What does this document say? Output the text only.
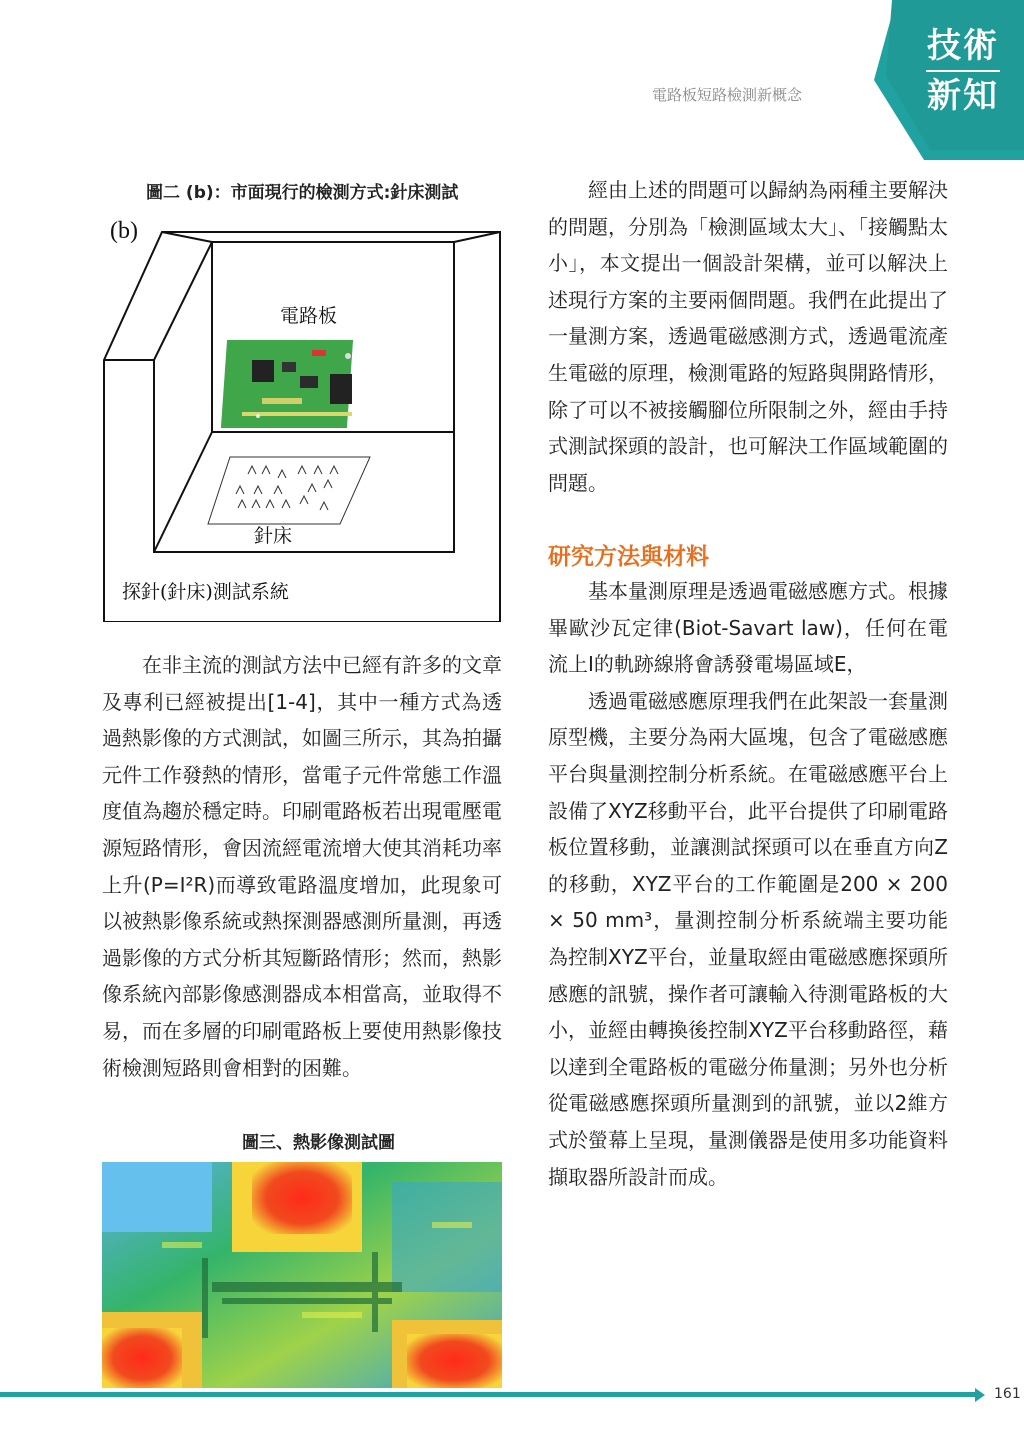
電路板短路檢測新概念
技術
新知
圖二 (b)：市面現行的檢測方式:針床測試
(b)
電路板
針床
探針(針床)測試系統

在非主流的測試方法中已經有許多的文章及專利已經被提出[1-4]，其中一種方式為透過熱影像的方式測試，如圖三所示，其為拍攝元件工作發熱的情形，當電子元件常態工作溫度值為趨於穩定時。印刷電路板若出現電壓電源短路情形，會因流經電流增大使其消耗功率上升(P=I²R)而導致電路溫度增加，此現象可以被熱影像系統或熱探測器感測所量測，再透過影像的方式分析其短斷路情形；然而，熱影像系統內部影像感測器成本相當高，並取得不易，而在多層的印刷電路板上要使用熱影像技術檢測短路則會相對的困難。

圖三、熱影像測試圖

經由上述的問題可以歸納為兩種主要解決的問題，分別為「檢測區域太大」、「接觸點太小」，本文提出一個設計架構，並可以解決上述現行方案的主要兩個問題。我們在此提出了一量測方案，透過電磁感測方式，透過電流產生電磁的原理，檢測電路的短路與開路情形，除了可以不被接觸腳位所限制之外，經由手持式測試探頭的設計，也可解決工作區域範圍的問題。

研究方法與材料

基本量測原理是透過電磁感應方式。根據畢歐沙瓦定律(Biot-Savart law)，任何在電流上I的軌跡線將會誘發電場區域E，

透過電磁感應原理我們在此架設一套量測原型機，主要分為兩大區塊，包含了電磁感應平台與量測控制分析系統。在電磁感應平台上設備了XYZ移動平台，此平台提供了印刷電路板位置移動，並讓測試探頭可以在垂直方向Z的移動，XYZ平台的工作範圍是200 × 200 × 50 mm³，量測控制分析系統端主要功能為控制XYZ平台，並量取經由電磁感應探頭所感應的訊號，操作者可讓輸入待測電路板的大小，並經由轉換後控制XYZ平台移動路徑，藉以達到全電路板的電磁分佈量測；另外也分析從電磁感應探頭所量測到的訊號，並以2維方式於螢幕上呈現，量測儀器是使用多功能資料擷取器所設計而成。

161
